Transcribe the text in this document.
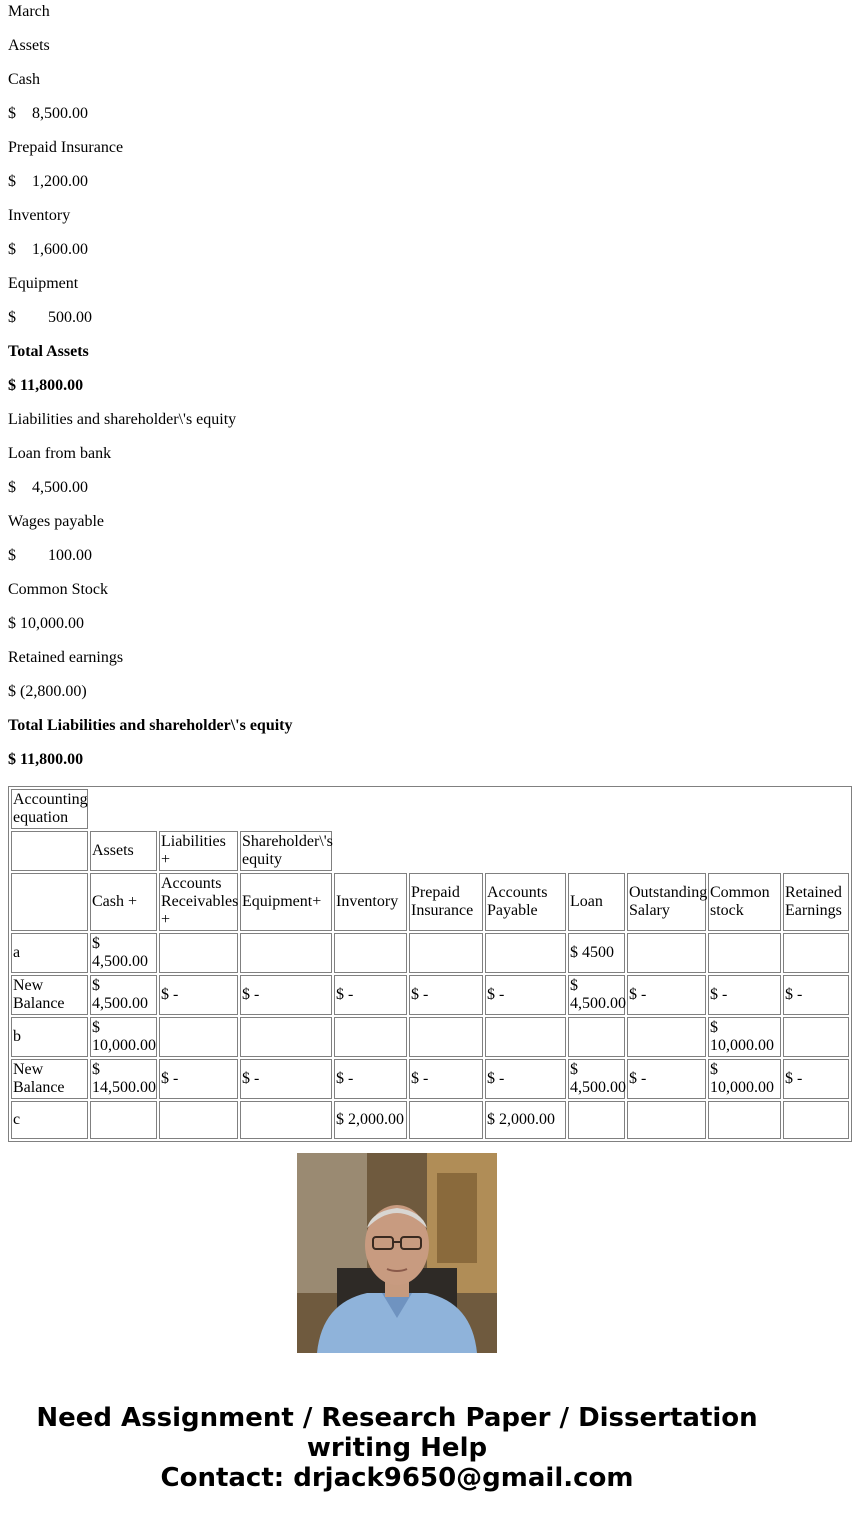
March
Assets
Cash
$    8,500.00
Prepaid Insurance
$    1,200.00
Inventory
$    1,600.00
Equipment
$        500.00
Total Assets
$ 11,800.00
Liabilities and shareholder\'s equity
Loan from bank
$    4,500.00
Wages payable
$        100.00
Common Stock
$ 10,000.00
Retained earnings
$ (2,800.00)
Total Liabilities and shareholder\'s equity
$ 11,800.00
Accounting equation										
	Assets	Liabilities +	Shareholder\'s equity							
	Cash +	Accounts Receivables +	Equipment+	Inventory	Prepaid Insurance	Accounts Payable	Loan	Outstanding Salary	Common stock	Retained Earnings
a	$ 4,500.00						$ 4500			
New Balance	$ 4,500.00	$ -	$ -	$ -	$ -	$ -	$ 4,500.00	$ -	$ -	$ -
b	$ 10,000.00								$ 10,000.00	
New Balance	$ 14,500.00	$ -	$ -	$ -	$ -	$ -	$ 4,500.00	$ -	$ 10,000.00	$ -
c				$ 2,000.00		$ 2,000.00				
Need Assignment / Research Paper / Dissertation
writing Help
Contact: drjack9650@gmail.com
